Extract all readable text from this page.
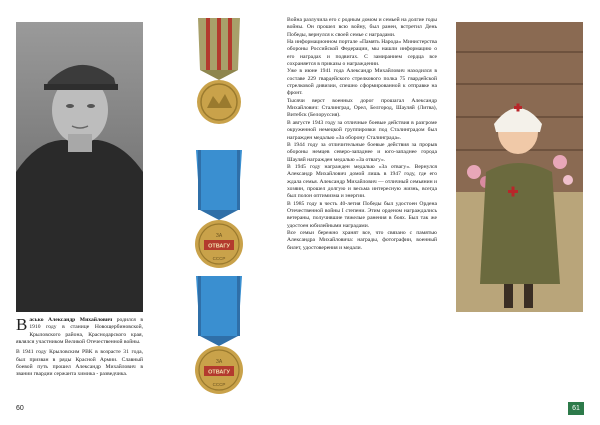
Васько Александр Михайлович родился в 1910 году в станице Новощербиновской, Крыловского района, Краснодарского края, являлся участником Великой Отечественной войны.

В 1941 году Крыловским РВК в возрасте 31 года, был призван в ряды Красной Армии. Славный боевой путь прошел Александр Михайлович в звании гвардии сержанта химика - разведчика.

ЗА
ОТВАГУ
СССР
ЗА
ОТВАГУ
СССР

Война разлучила его с родным домом и семьей на долгие годы войны. Он прошел всю войну, был ранен, встретил День Победы, вернулся к своей семье с наградами.

На информационном портале «Память Народа» Министерства обороны Российской Федерации, мы нашли информацию о его наградах и подвигах. С замиранием сердца все сохраняется в приказы о награждении.

Уже в июне 1941 года Александр Михайлович находился в составе 229 гвардейского стрелкового полка 75 гвардейской стрелковой дивизии, спешно сформированной к отправке на фронт.

Тысячи верст военных дорог прошагал Александр Михайлович: Сталинград, Орел, Белгород, Шауляй (Литва), Витебск (Белоруссия).

В августе 1943 году за отличные боевые действия в разгроме окруженной немецкой группировки под Сталинградом был награжден медалью «За оборону Сталинграда».

В 1944 году за отличительные боевые действия за прорыв обороны немцев северо-западнее и юго-западнее города Шауляй награжден медалью «За отвагу».

В 1945 году награжден медалью «За отвагу». Вернулся Александр Михайлович домой лишь в 1947 году, где его ждала семья. Александр Михайлович — отличный семьянин и хозяин, прошел долгую и весьма интересную жизнь, всегда был полон оптимизма и энергии.

В 1985 году в честь 40-летия Победы был удостоен Ордена Отечественной войны I степени. Этим орденом награждались ветераны, получившие тяжелые ранения в боях. Был так же удостоен юбилейными наградами.

Все семьи бережно хранят все, что связано с памятью Александра Михайловича: награды, фотографии, военный билет, удостоверения и медали.

60	61
